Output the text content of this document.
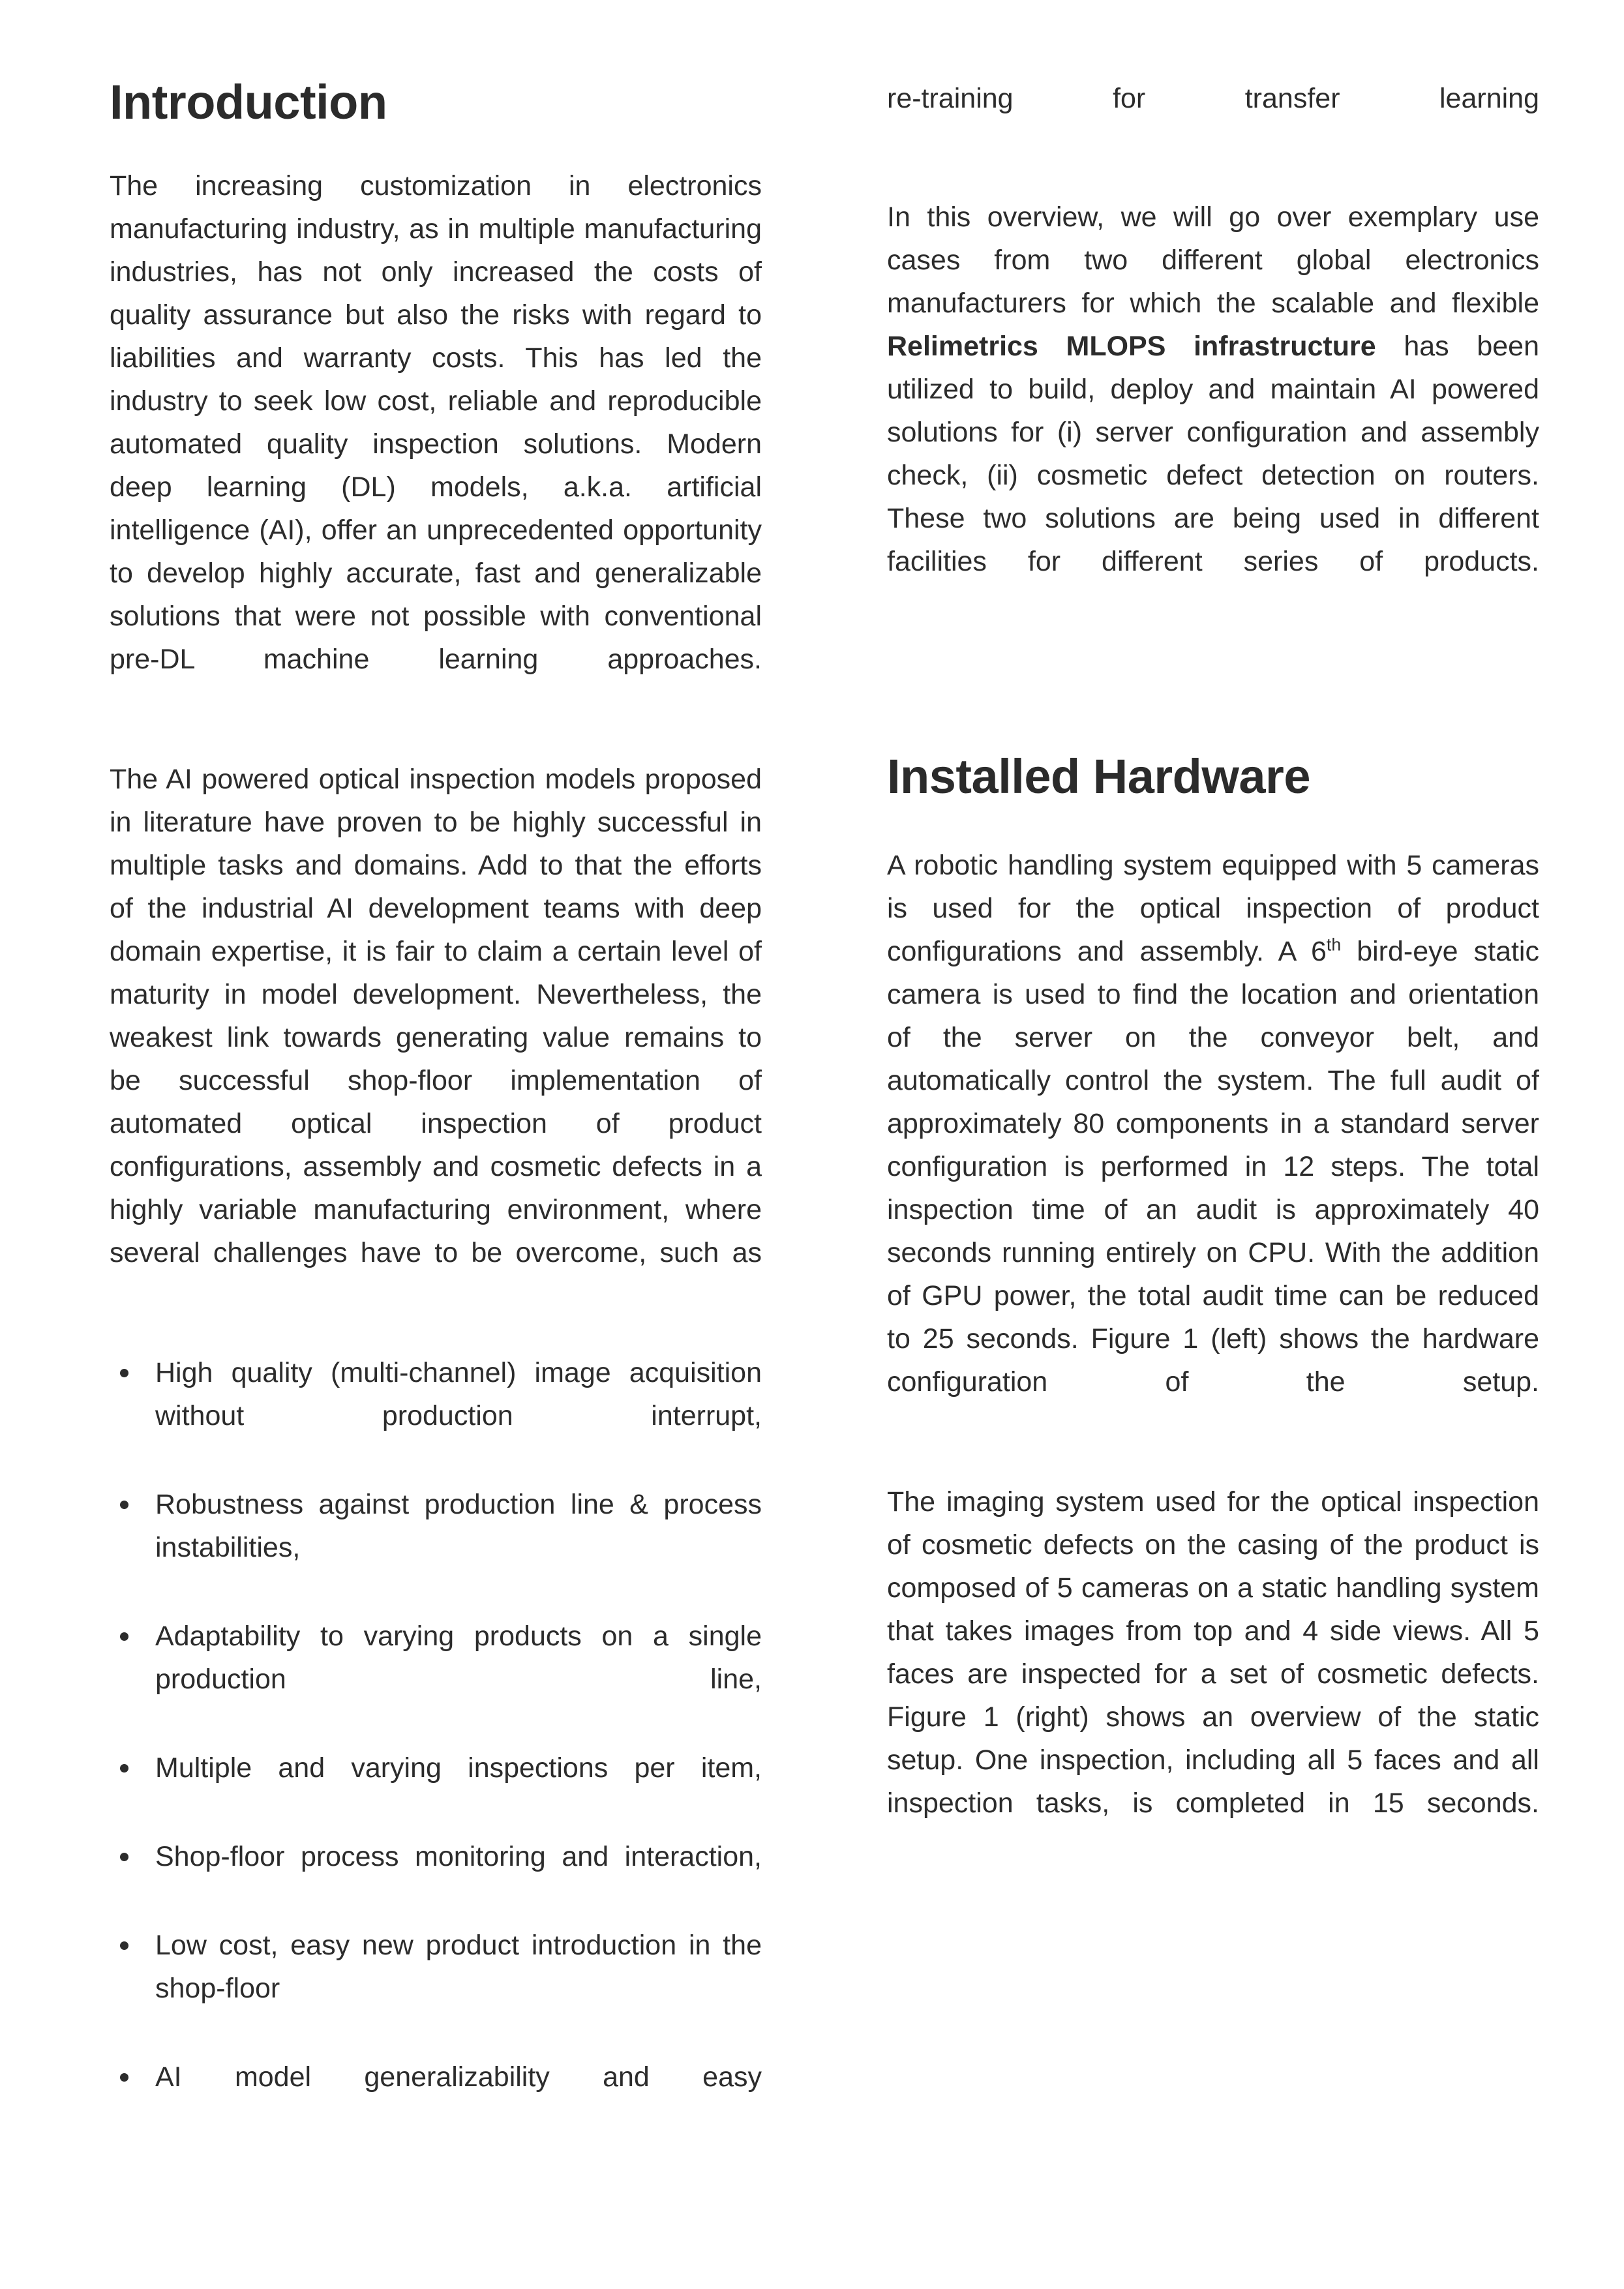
Introduction

The increasing customization in electronics manufacturing industry, as in multiple manufacturing industries, has not only increased the costs of quality assurance but also the risks with regard to liabilities and warranty costs. This has led the industry to seek low cost, reliable and reproducible automated quality inspection solutions. Modern deep learning (DL) models, a.k.a. artificial intelligence (AI), offer an unprecedented opportunity to develop highly accurate, fast and generalizable solutions that were not possible with conventional pre-DL machine learning approaches.

The AI powered optical inspection models proposed in literature have proven to be highly successful in multiple tasks and domains. Add to that the efforts of the industrial AI development teams with deep domain expertise, it is fair to claim a certain level of maturity in model development. Nevertheless, the weakest link towards generating value remains to be successful shop-floor implementation of automated optical inspection of product configurations, assembly and cosmetic defects in a highly variable manufacturing environment, where several challenges have to be overcome, such as

High quality (multi-channel) image acquisition without production interrupt,
Robustness against production line & process instabilities,
Adaptability to varying products on a single production line,
Multiple and varying inspections per item,
Shop-floor process monitoring and interaction,
Low cost, easy new product introduction in the shop-floor
AI model generalizability and easy

re-training for transfer learning

In this overview, we will go over exemplary use cases from two different global electronics manufacturers for which the scalable and flexible Relimetrics MLOPS infrastructure has been utilized to build, deploy and maintain AI powered solutions for (i) server configuration and assembly check, (ii) cosmetic defect detection on routers. These two solutions are being used in different facilities for different series of products.

Installed Hardware

A robotic handling system equipped with 5 cameras is used for the optical inspection of product configurations and assembly. A 6th bird-eye static camera is used to find the location and orientation of the server on the conveyor belt, and automatically control the system. The full audit of approximately 80 components in a standard server configuration is performed in 12 steps. The total inspection time of an audit is approximately 40 seconds running entirely on CPU. With the addition of GPU power, the total audit time can be reduced to 25 seconds. Figure 1 (left) shows the hardware configuration of the setup.

The imaging system used for the optical inspection of cosmetic defects on the casing of the product is composed of 5 cameras on a static handling system that takes images from top and 4 side views. All 5 faces are inspected for a set of cosmetic defects. Figure 1 (right) shows an overview of the static setup. One inspection, including all 5 faces and all inspection tasks, is completed in 15 seconds.
